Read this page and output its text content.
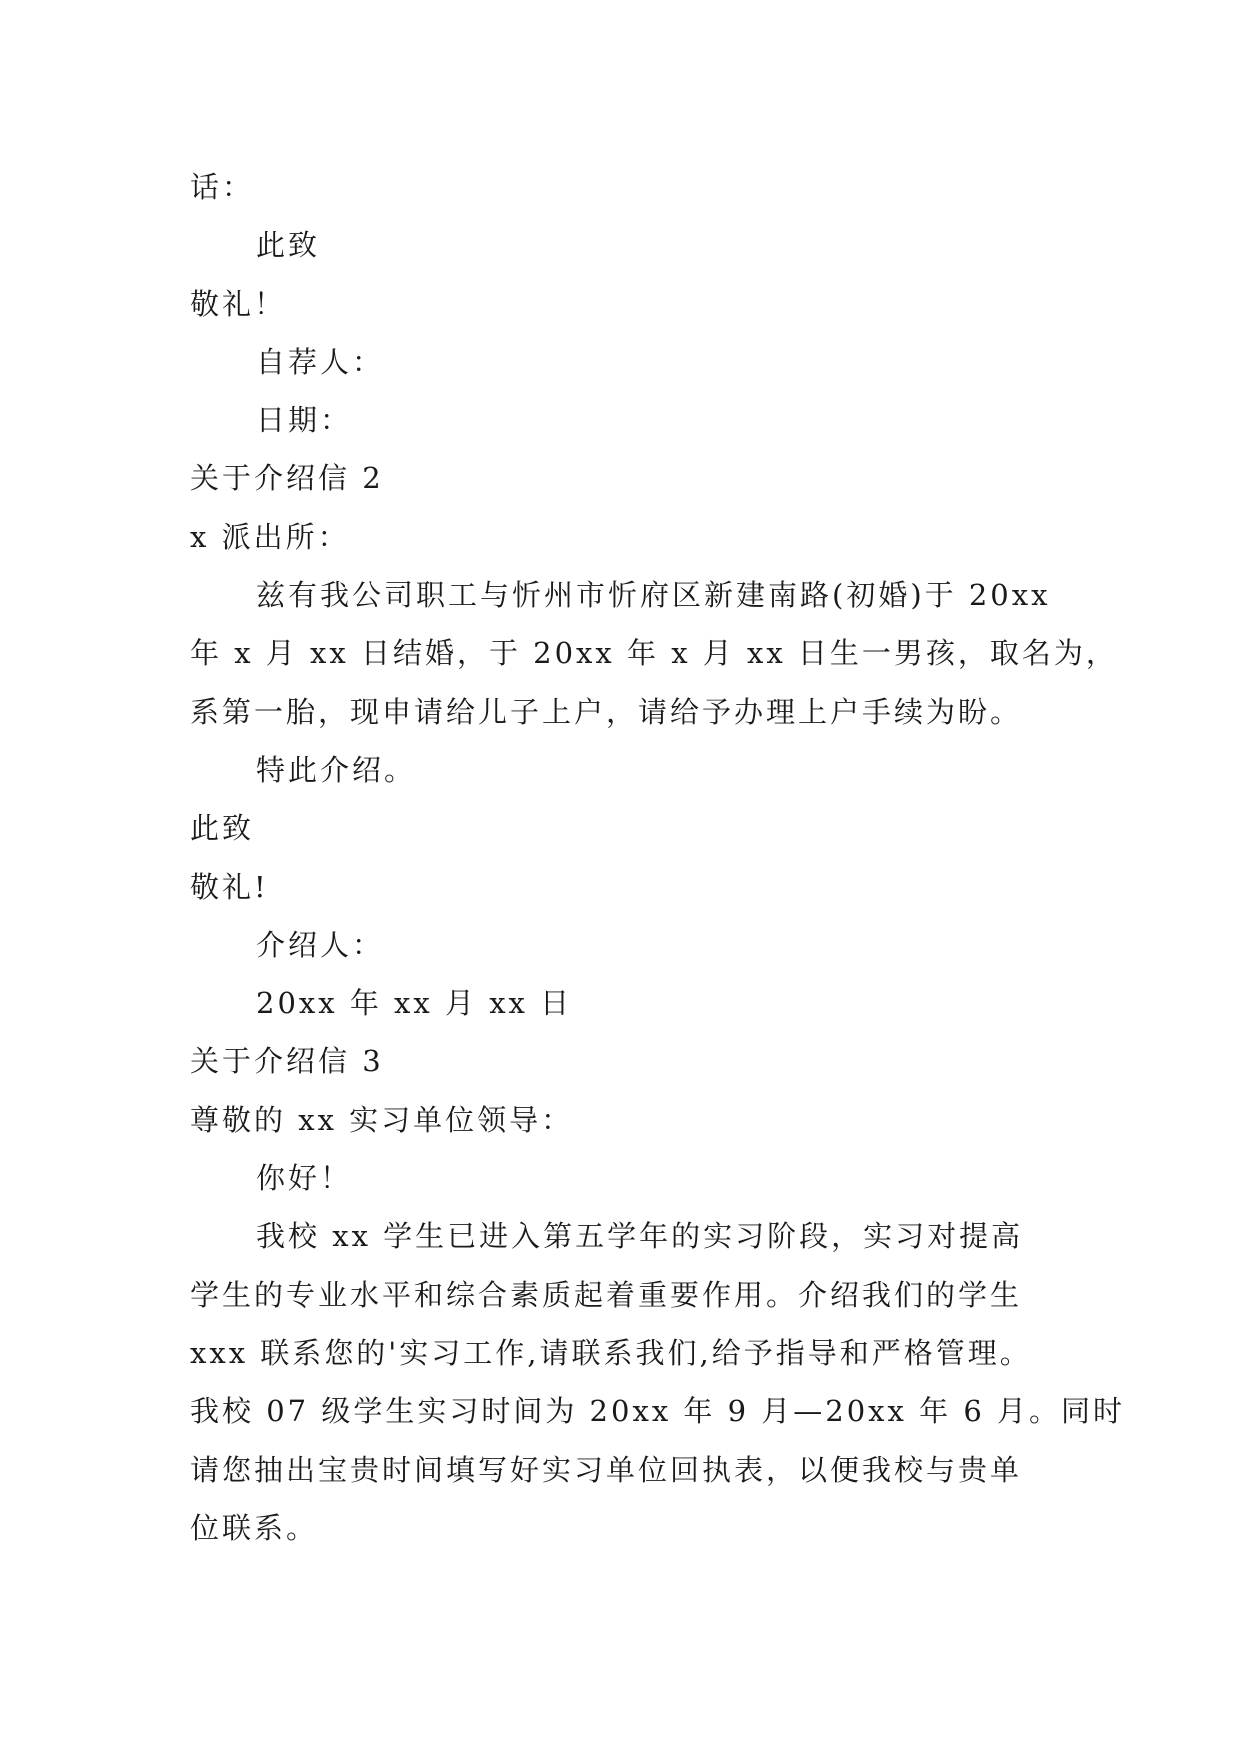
话：
此致
敬礼！
自荐人：
日期：
关于介绍信 2
x 派出所：
兹有我公司职工与忻州市忻府区新建南路(初婚)于 20xx
年 x 月 xx 日结婚，于 20xx 年 x 月 xx 日生一男孩，取名为，
系第一胎，现申请给儿子上户，请给予办理上户手续为盼。
特此介绍。
此致
敬礼!
介绍人：
20xx 年 xx 月 xx 日
关于介绍信 3
尊敬的 xx 实习单位领导：
你好！
我校 xx 学生已进入第五学年的实习阶段，实习对提高
学生的专业水平和综合素质起着重要作用。介绍我们的学生
xxx 联系您的'实习工作,请联系我们,给予指导和严格管理。
我校 07 级学生实习时间为 20xx 年 9 月—20xx 年 6 月。同时
请您抽出宝贵时间填写好实习单位回执表，以便我校与贵单
位联系。
